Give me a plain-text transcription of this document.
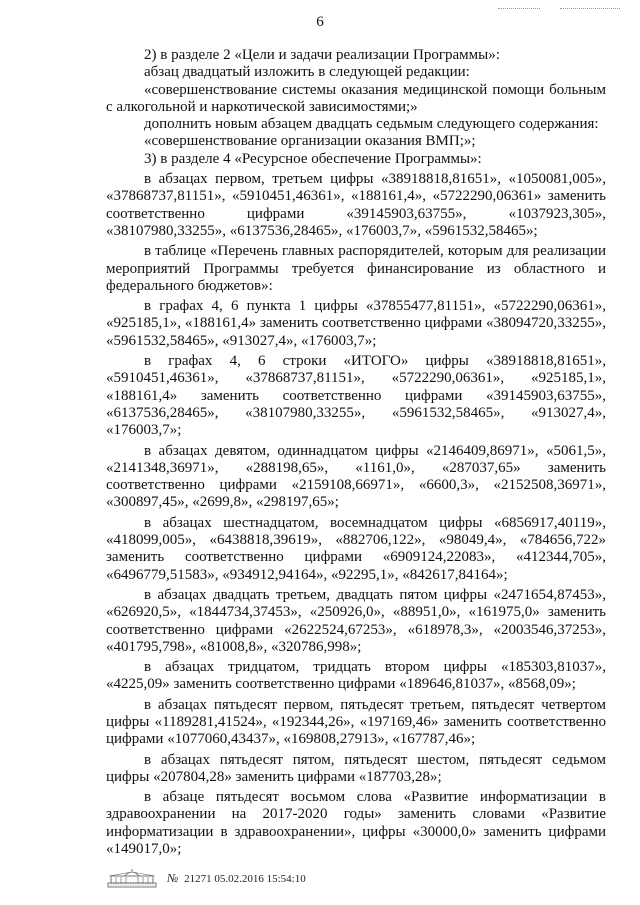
6

2) в разделе 2 «Цели и задачи реализации Программы»:

абзац двадцатый изложить в следующей редакции:

«совершенствование системы оказания медицинской помощи больным с алкогольной и наркотической зависимостями;»

дополнить новым абзацем двадцать седьмым следующего содержания:

«совершенствование организации оказания ВМП;»;

3) в разделе 4 «Ресурсное обеспечение Программы»:

в абзацах первом, третьем цифры «38918818,81651», «1050081,005», «37868737,81151», «5910451,46361», «188161,4», «5722290,06361» заменить соответственно цифрами «39145903,63755», «1037923,305», «38107980,33255», «6137536,28465», «176003,7», «5961532,58465»;

в таблице «Перечень главных распорядителей, которым для реализации мероприятий Программы требуется финансирование из областного и федерального бюджетов»:

в графах 4, 6 пункта 1 цифры «37855477,81151», «5722290,06361», «925185,1», «188161,4» заменить соответственно цифрами «38094720,33255», «5961532,58465», «913027,4», «176003,7»;

в графах 4, 6 строки «ИТОГО» цифры «38918818,81651», «5910451,46361», «37868737,81151», «5722290,06361», «925185,1», «188161,4» заменить соответственно цифрами «39145903,63755», «6137536,28465», «38107980,33255», «5961532,58465», «913027,4», «176003,7»;

в абзацах девятом, одиннадцатом цифры «2146409,86971», «5061,5», «2141348,36971», «288198,65», «1161,0», «287037,65» заменить соответственно цифрами «2159108,66971», «6600,3», «2152508,36971», «300897,45», «2699,8», «298197,65»;

в абзацах шестнадцатом, восемнадцатом цифры «6856917,40119», «418099,005», «6438818,39619», «882706,122», «98049,4», «784656,722» заменить соответственно цифрами «6909124,22083», «412344,705», «6496779,51583», «934912,94164», «92295,1», «842617,84164»;

в абзацах двадцать третьем, двадцать пятом цифры «2471654,87453», «626920,5», «1844734,37453», «250926,0», «88951,0», «161975,0» заменить соответственно цифрами «2622524,67253», «618978,3», «2003546,37253», «401795,798», «81008,8», «320786,998»;

в абзацах тридцатом, тридцать втором цифры «185303,81037», «4225,09» заменить соответственно цифрами «189646,81037», «8568,09»;

в абзацах пятьдесят первом, пятьдесят третьем, пятьдесят четвертом цифры «1189281,41524», «192344,26», «197169,46» заменить соответственно цифрами «1077060,43437», «169808,27913», «167787,46»;

в абзацах пятьдесят пятом, пятьдесят шестом, пятьдесят седьмом цифры «207804,28» заменить цифрами «187703,28»;

в абзаце пятьдесят восьмом слова «Развитие информатизации в здравоохранении на 2017-2020 годы» заменить словами «Развитие информатизации в здравоохранении», цифры «30000,0» заменить цифрами «149017,0»;

№ 21271 05.02.2016 15:54:10
